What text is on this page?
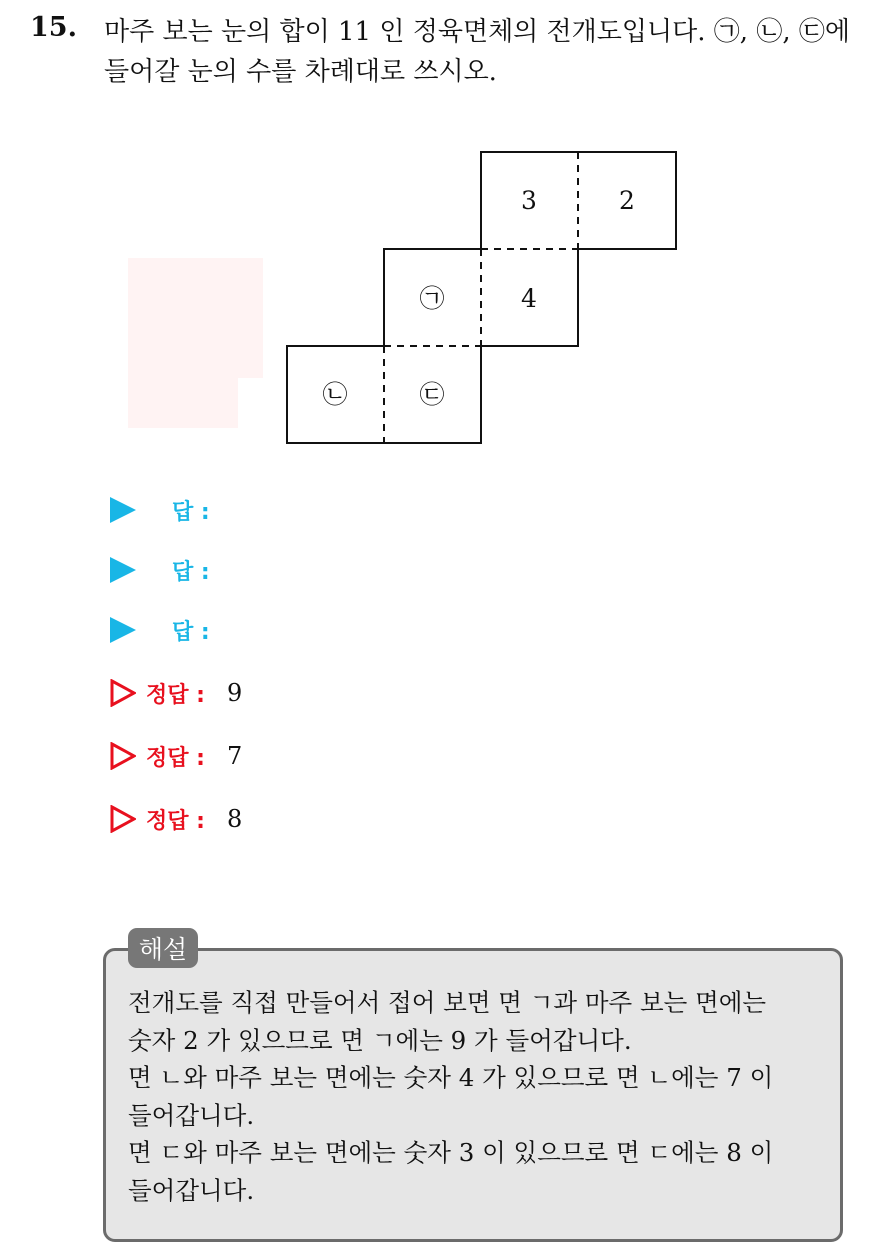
15. 마주 보는 눈의 합이 11 인 정육면체의 전개도입니다. ㉠, ㉡, ㉢에 들어갈 눈의 수를 차례대로 쓰시오.
3	2
㉠	4
㉡	㉢
답 :
답 :
답 :
정답 : 9
정답 : 7
정답 : 8
해설
전개도를 직접 만들어서 접어 보면 면 ㄱ과 마주 보는 면에는
숫자 2 가 있으므로 면 ㄱ에는 9 가 들어갑니다.
면 ㄴ와 마주 보는 면에는 숫자 4 가 있으므로 면 ㄴ에는 7 이
들어갑니다.
면 ㄷ와 마주 보는 면에는 숫자 3 이 있으므로 면 ㄷ에는 8 이
들어갑니다.
